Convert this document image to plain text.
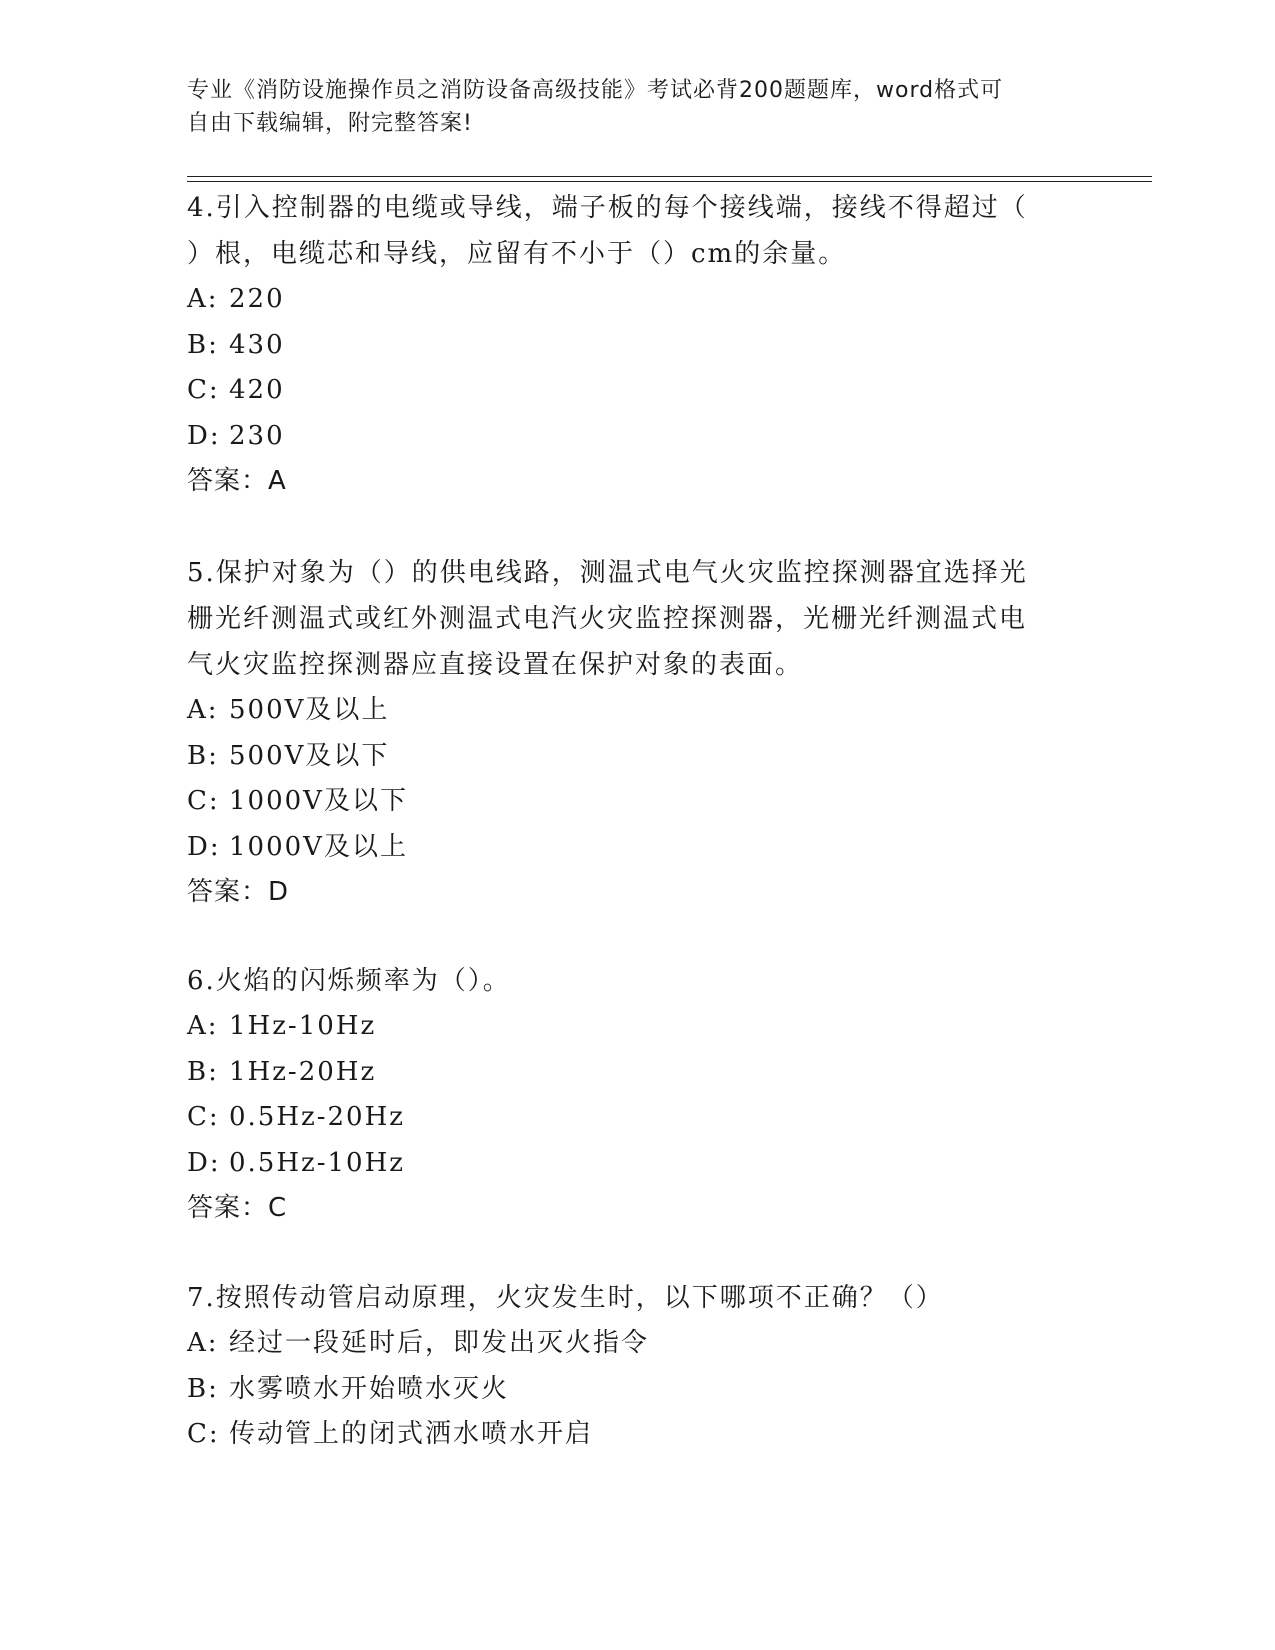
专业《消防设施操作员之消防设备高级技能》考试必背200题题库，word格式可
自由下载编辑，附完整答案!

4.引入控制器的电缆或导线，端子板的每个接线端，接线不得超过（

）根，电缆芯和导线，应留有不小于（）cm的余量。

A: 220

B: 430

C: 420

D: 230

答案：A

5.保护对象为（）的供电线路，测温式电气火灾监控探测器宜选择光

栅光纤测温式或红外测温式电汽火灾监控探测器，光栅光纤测温式电

气火灾监控探测器应直接设置在保护对象的表面。

A: 500V及以上

B: 500V及以下

C: 1000V及以下

D: 1000V及以上

答案：D

6.火焰的闪烁频率为（）。

A: 1Hz-10Hz

B: 1Hz-20Hz

C: 0.5Hz-20Hz

D: 0.5Hz-10Hz

答案：C

7.按照传动管启动原理，火灾发生时，以下哪项不正确？（）

A: 经过一段延时后，即发出灭火指令

B: 水雾喷水开始喷水灭火

C: 传动管上的闭式洒水喷水开启
